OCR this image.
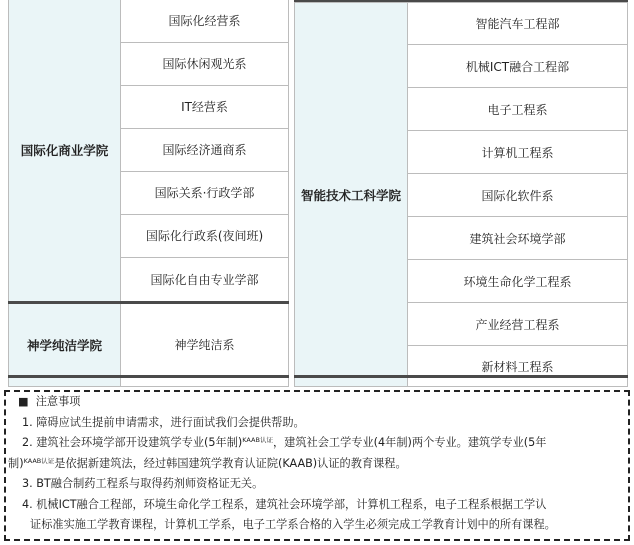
国际化商业学院	国际化经营系
	国际休闲观光系
	IT经营系
	国际经济通商系
	国际关系·行政学部
	国际化行政系(夜间班)
	国际化自由专业学部
神学纯洁学院	神学纯洁系
智能技术工科学院	智能汽车工程部
机械ICT融合工程部
电子工程系
计算机工程系
国际化软件系
建筑社会环境学部
环境生命化学工程系
产业经营工程系
新材料工程系
■ 注意事项
1. 障碍应试生提前申请需求，进行面试我们会提供帮助。
2. 建筑社会环境学部开设建筑学专业(5年制)$^{KAAB认证}$，建筑社会工学专业(4年制)两个专业。建筑学专业(5年
制)$^{KAAB认证}$是依据新建筑法，经过韩国建筑学教育认证院(KAAB)认证的教育课程。
3. BT融合制药工程系与取得药剂师资格证无关。
4. 机械ICT融合工程部，环境生命化学工程系，建筑社会环境学部，计算机工程系，电子工程系根据工学认
证标准实施工学教育课程，计算机工学系，电子工学系合格的入学生必须完成工学教育计划中的所有课程。
